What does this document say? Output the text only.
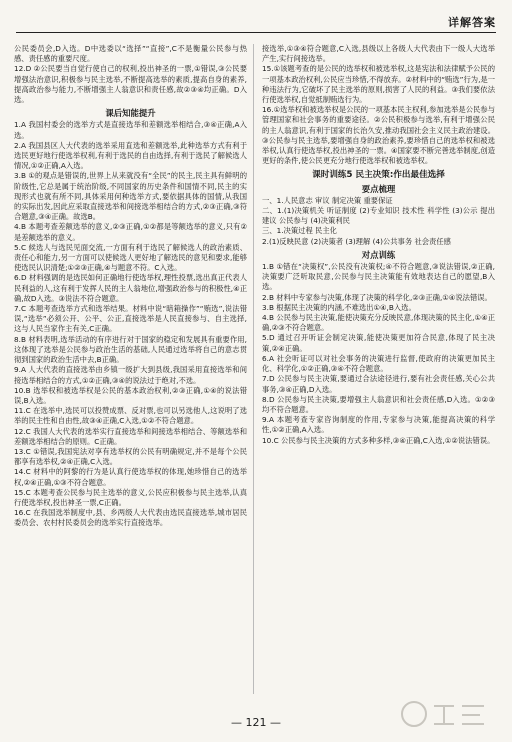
详解答案
公民委员会,D入选。D中选委以“选择”“直接”,C不是衡量公民参与热感、责任感的重要尺度。
12.D ②公民要当自觉行使自己的权利,投出神圣的一票,①错误,③公民要增强法治意识,积极参与民主选举,不断提高选举的素质,提高自身的素养,提高政治参与能力,不断增强主人翁意识和责任感,故②③④均正确。D入选。
课后知能提升
1.A 我国村委会的选举方式是直接选举和差额选举相结合,③④正确,A入选。
2.A 我国县区人大代表的选举采用直选和差额选举,此种选举方式有利于选民更好地行使选举权利,有利于选民的自由选择,有利于选民了解候选人情况,①②正确,A入选。
3.B ①的观点是错误的,世界上从来就没有“全民”的民主,民主具有鲜明的阶级性,它总是属于统治阶级,不同国家的历史条件和国情不同,民主的实现形式也就有所不同,具体采用何种选举方式,要依据具体的国情,从我国的实际出发,因此应采取直接选举和间接选举相结合的方式,②③正确,③符合题意,③④正确。故选B。
4.B 本题考查差额选举的意义,②③正确,①②都是等额选举的意义,只有②是差额选举的意义。
5.C 候选人与选民见面交流,一方面有利于选民了解候选人的政治素质、责任心和能力,另一方面可以使候选人更好地了解选民的意见和要求,能够使选民认识清楚;①②③正确,④与题意不符。C入选。
6.D 材料强调的是选民如何正确地行使选举权,理性投票,选出真正代表人民利益的人,这有利于发挥人民的主人翁地位,增强政治参与的积极性,④正确,故D入选。③说法不符合题意。
7.C 本题考查选举方式和选举结果。材料中说“暗箱操作”“贿选”,说法错误,“选举”必须公开、公平、公正,直接选举是人民直接参与、自主选择,这与人民当家作主有关,C正确。
8.B 材料表明,选举活动的有序进行对于国家的稳定和发展具有重要作用,这体现了选举是公民参与政治生活的基础,人民通过选举将自己的意志贯彻到国家的政治生活中去,B正确。
9.A 人大代表的直接选举由乡镇一级扩大到县级,我国采用直接选举和间接选举相结合的方式,①②正确,③④的说法过于绝对,不选。
10.B 选举权和被选举权是公民的基本政治权利,②③正确,①④的说法错误,B入选。
11.C 在选举中,选民可以投赞成票、反对票,也可以另选他人,这说明了选举的民主性和自由性,故③④正确,C入选,①②不符合题意。
12.C 我国人大代表的选举实行直接选举和间接选举相结合、等额选举和差额选举相结合的原则。C正确。
13.C ①错误,我国宪法对享有选举权的公民有明确规定,并不是每个公民都享有选举权,②④正确,C入选。
14.C 材料中的阿黎的行为是认真行使选举权的体现,她珍惜自己的选举权,②④正确,①③不符合题意。
15.C 本题考查公民参与民主选举的意义,公民应积极参与民主选举,认真行使选举权,投出神圣一票,C正确。
16.C 在我国选举制度中,县、乡两级人大代表由选民直接选举,城市居民委员会、农村村民委员会的选举实行直接选举。
接选举,①③④符合题意,C入选,县级以上各级人大代表由下一级人大选举产生,实行间接选举。
15.①该题考查的是公民的选举权和被选举权,这是宪法和法律赋予公民的一项基本政治权利,公民应当珍惜,不得放弃。②材料中的“贿选”行为,是一种违法行为,它破坏了民主选举的原则,损害了人民的利益。③我们要依法行使选举权,自觉抵制贿选行为。
16.①选举权和被选举权是公民的一项基本民主权利,参加选举是公民参与管理国家和社会事务的重要途径。②公民积极参与选举,有利于增强公民的主人翁意识,有利于国家的长治久安,推动我国社会主义民主政治建设。③公民参与民主选举,要增强自身的政治素养,要珍惜自己的选举权和被选举权,认真行使选举权,投出神圣的一票。④国家要不断完善选举制度,创造更好的条件,使公民更充分地行使选举权和被选举权。
课时训练5 民主决策:作出最佳选择
要点梳理
一、1.人民意志 审议 制定决策 重要保证
二、1.(1)决策机关 听证制度 (2)专业知识 技术性 科学性 (3)公示 提出建议 公民参与 (4)决策利民
三、1.决策过程 民主化
2.(1)反映民意 (2)决策者 (3)理解 (4)公共事务 社会责任感
对点训练
1.B ①错在“决策权”,公民没有决策权;④不符合题意,③说法错误,②正确,决策要广泛听取民意,公民参与民主决策能有效地表达自己的愿望,B入选。
2.B 材料中专家参与决策,体现了决策的科学化,②③正确,①④说法错误。
3.B 根据民主决策的内涵,不难选出①④,B入选。
4.B 公民参与民主决策,能使决策充分反映民意,体现决策的民主化,①④正确,②③不符合题意。
5.D 通过召开听证会制定决策,能使决策更加符合民意,体现了民主决策,②④正确。
6.A 社会听证可以对社会事务的决策进行监督,使政府的决策更加民主化、科学化,①②正确,③④不符合题意。
7.D 公民参与民主决策,要通过合法途径进行,要有社会责任感,关心公共事务,③④正确,D入选。
8.D 公民参与民主决策,要增强主人翁意识和社会责任感,D入选。①②③均不符合题意。
9.A 本题考查专家咨询制度的作用,专家参与决策,能提高决策的科学性,①②正确,A入选。
10.C 公民参与民主决策的方式多种多样,③④正确,C入选,①②说法错误。
— 121 —
